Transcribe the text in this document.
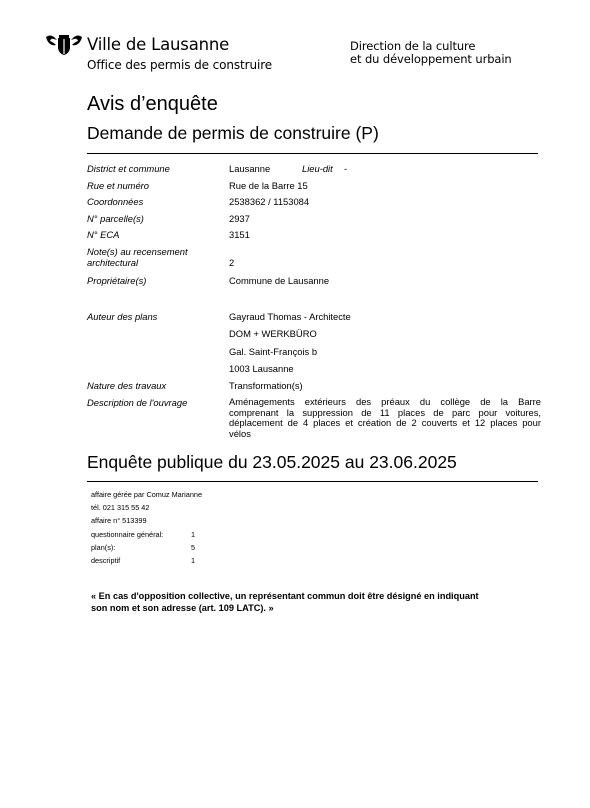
Ville de Lausanne
Office des permis de construire
Direction de la culture
et du développement urbain
Avis d’enquête
Demande de permis de construire (P)
District et commune	Lausanne	Lieu-dit -
Rue et numéro	Rue de la Barre 15
Coordonnées	2538362 / 1153084
N° parcelle(s)	2937
N° ECA	3151
Note(s) au recensement
architectural	2
Propriétaire(s)	Commune de Lausanne
Auteur des plans	Gayraud Thomas - Architecte
DOM + WERKBÜRO
Gal. Saint-François b
1003 Lausanne
Nature des travaux	Transformation(s)
Description de l'ouvrage	Aménagements extérieurs des préaux du collège de la Barre
comprenant la suppression de 11 places de parc pour voitures,
déplacement de 4 places et création de 2 couverts et 12 places pour
vélos
Enquête publique du 23.05.2025 au 23.06.2025
affaire gérée par Comuz Marianne
tél. 021 315 55 42
affaire n° 513399
questionnaire général:	1
plan(s):	5
descriptif	1
« En cas d'opposition collective, un représentant commun doit être désigné en indiquant
son nom et son adresse (art. 109 LATC). »
